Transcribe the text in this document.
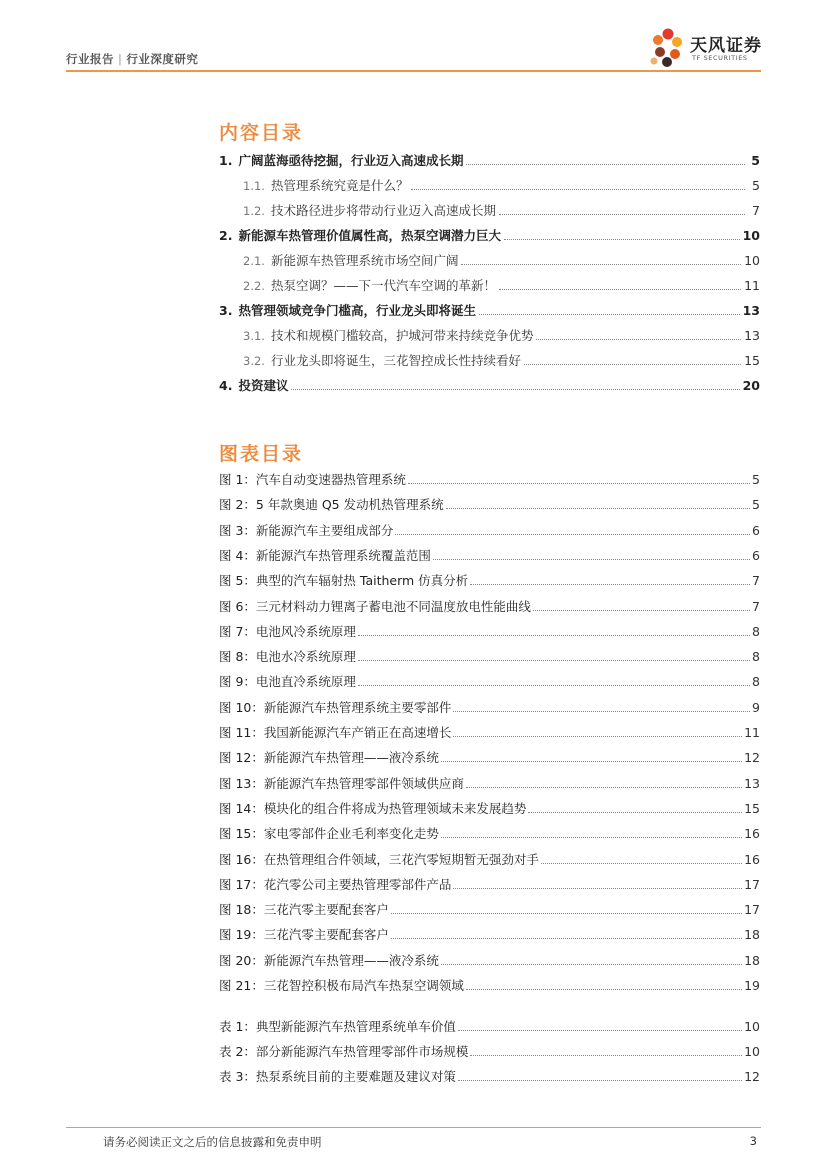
行业报告 | 行业深度研究
天风证券
TF SECURITIES
内容目录
1. 广阔蓝海亟待挖掘，行业迈入高速成长期	5
1.1. 热管理系统究竟是什么？	5
1.2. 技术路径进步将带动行业迈入高速成长期	7
2. 新能源车热管理价值属性高，热泵空调潜力巨大	10
2.1. 新能源车热管理系统市场空间广阔	10
2.2. 热泵空调？——下一代汽车空调的革新！	11
3. 热管理领域竞争门槛高，行业龙头即将诞生	13
3.1. 技术和规模门槛较高，护城河带来持续竞争优势	13
3.2. 行业龙头即将诞生，三花智控成长性持续看好	15
4. 投资建议	20
图表目录
图 1：汽车自动变速器热管理系统	5
图 2：5 年款奥迪 Q5 发动机热管理系统	5
图 3：新能源汽车主要组成部分	6
图 4：新能源汽车热管理系统覆盖范围	6
图 5：典型的汽车辐射热 Taitherm 仿真分析	7
图 6：三元材料动力锂离子蓄电池不同温度放电性能曲线	7
图 7：电池风冷系统原理	8
图 8：电池水冷系统原理	8
图 9：电池直冷系统原理	8
图 10：新能源汽车热管理系统主要零部件	9
图 11：我国新能源汽车产销正在高速增长	11
图 12：新能源汽车热管理——液冷系统	12
图 13：新能源汽车热管理零部件领域供应商	13
图 14：模块化的组合件将成为热管理领域未来发展趋势	15
图 15：家电零部件企业毛利率变化走势	16
图 16：在热管理组合件领域，三花汽零短期暂无强劲对手	16
图 17：花汽零公司主要热管理零部件产品	17
图 18：三花汽零主要配套客户	17
图 19：三花汽零主要配套客户	18
图 20：新能源汽车热管理——液冷系统	18
图 21：三花智控积极布局汽车热泵空调领域	19
表 1：典型新能源汽车热管理系统单车价值	10
表 2：部分新能源汽车热管理零部件市场规模	10
表 3：热泵系统目前的主要难题及建议对策	12
请务必阅读正文之后的信息披露和免责申明	3
